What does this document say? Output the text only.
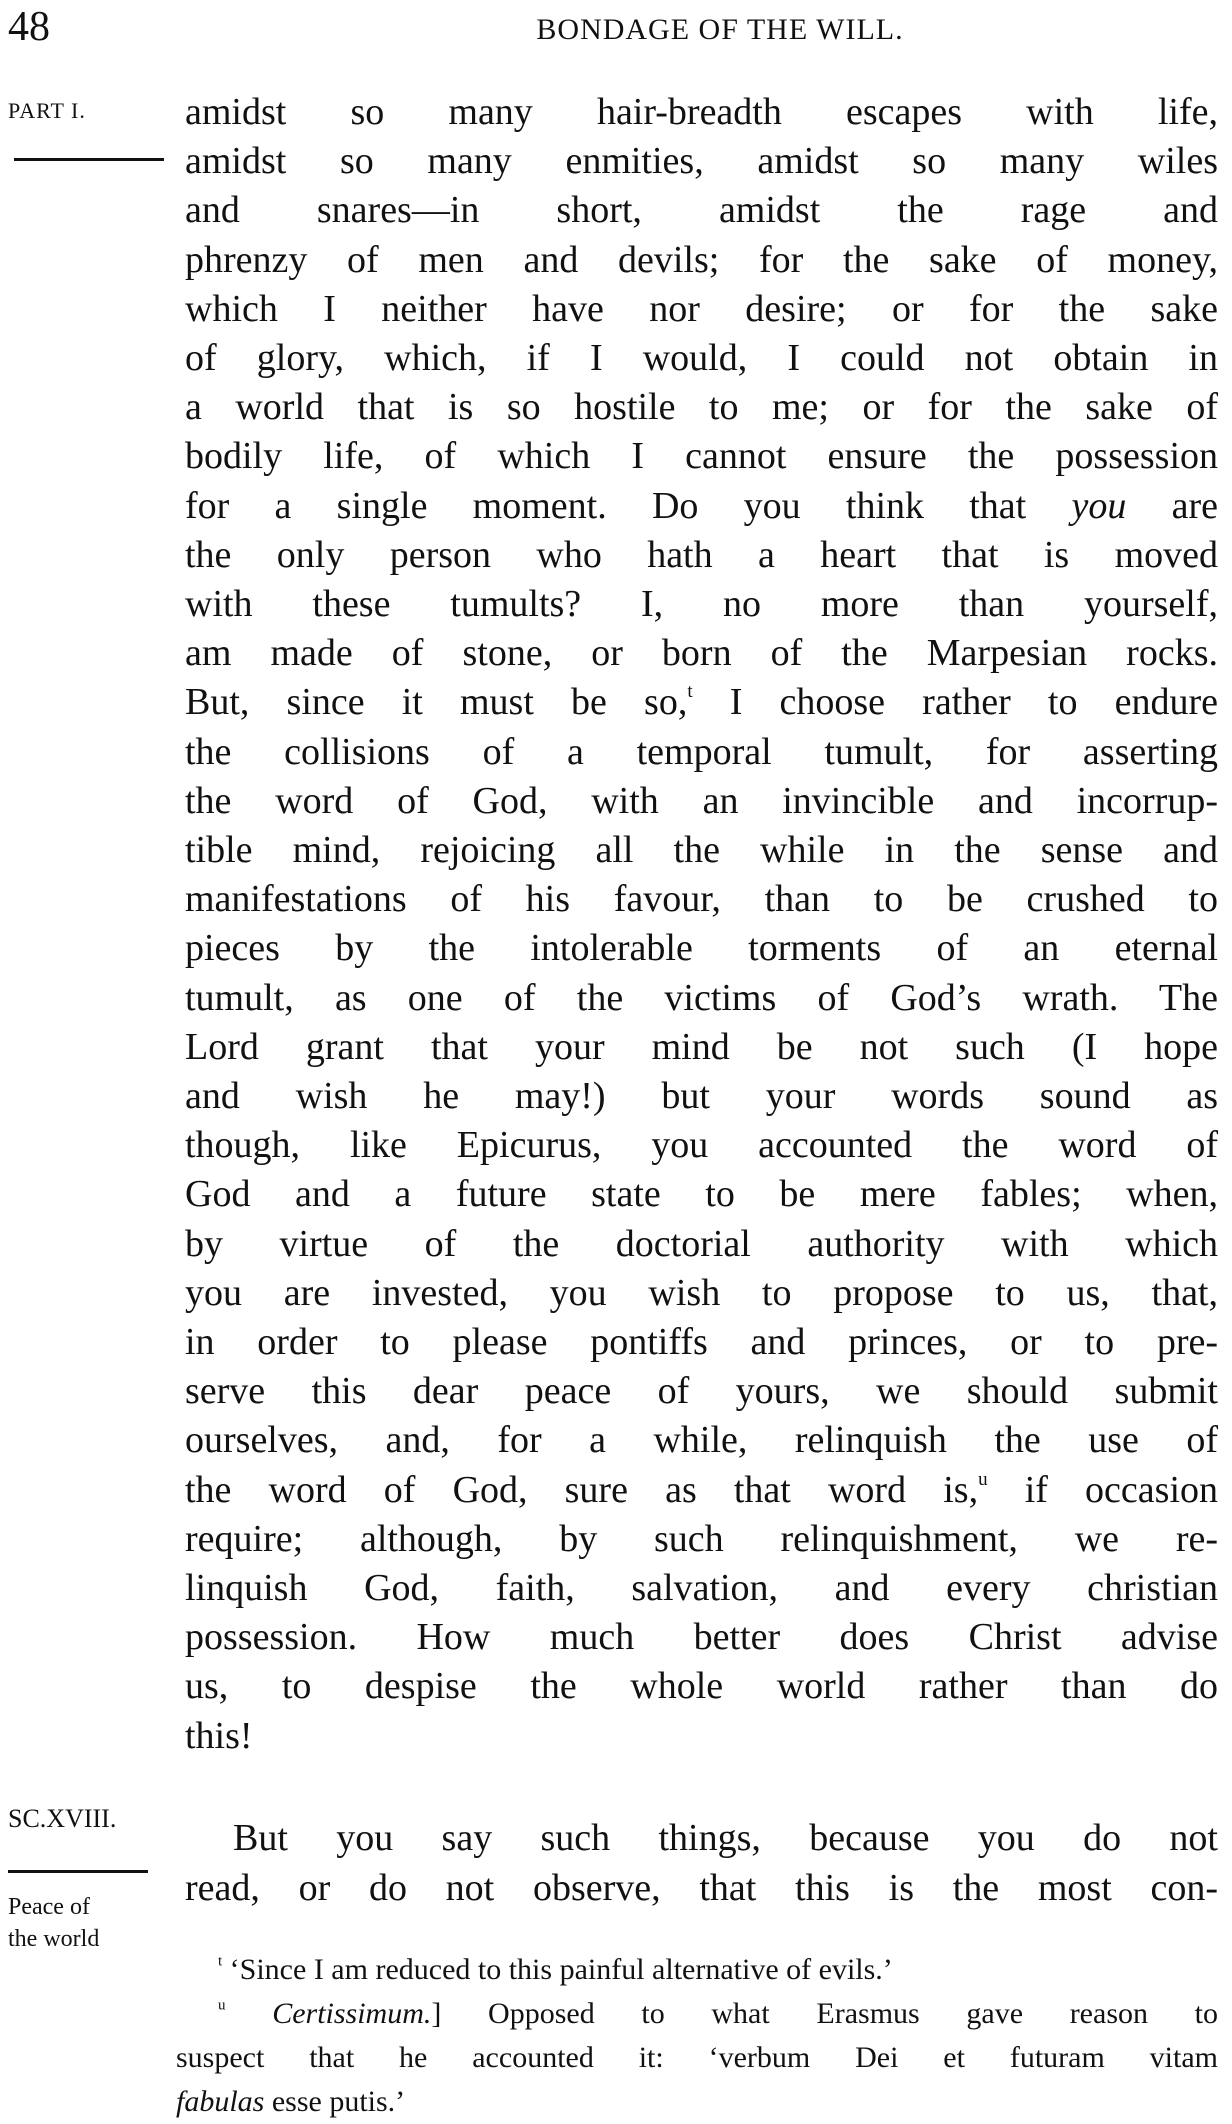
48	BONDAGE OF THE WILL.
PART I.
SC.XVIII.
Peace of
the world
amidst so many hair-breadth escapes with life,
amidst so many enmities, amidst so many wiles
and snares—in short, amidst the rage and
phrenzy of men and devils; for the sake of money,
which I neither have nor desire; or for the sake
of glory, which, if I would, I could not obtain in
a world that is so hostile to me; or for the sake of
bodily life, of which I cannot ensure the possession
for a single moment. Do you think that you are
the only person who hath a heart that is moved
with these tumults? I, no more than yourself,
am made of stone, or born of the Marpesian rocks.
But, since it must be so,$^t$ I choose rather to endure
the collisions of a temporal tumult, for asserting
the word of God, with an invincible and incorrup-
tible mind, rejoicing all the while in the sense and
manifestations of his favour, than to be crushed to
pieces by the intolerable torments of an eternal
tumult, as one of the victims of God’s wrath. The
Lord grant that your mind be not such (I hope
and wish he may!) but your words sound as
though, like Epicurus, you accounted the word of
God and a future state to be mere fables; when,
by virtue of the doctorial authority with which
you are invested, you wish to propose to us, that,
in order to please pontiffs and princes, or to pre-
serve this dear peace of yours, we should submit
ourselves, and, for a while, relinquish the use of
the word of God, sure as that word is,$^u$ if occasion
require; although, by such relinquishment, we re-
linquish God, faith, salvation, and every christian
possession. How much better does Christ advise
us, to despise the whole world rather than do
this!
But you say such things, because you do not
read, or do not observe, that this is the most con-
$^t$ ‘Since I am reduced to this painful alternative of evils.’
$^u$ Certissimum.] Opposed to what Erasmus gave reason to
suspect that he accounted it: ‘verbum Dei et futuram vitam
fabulas esse putis.’
